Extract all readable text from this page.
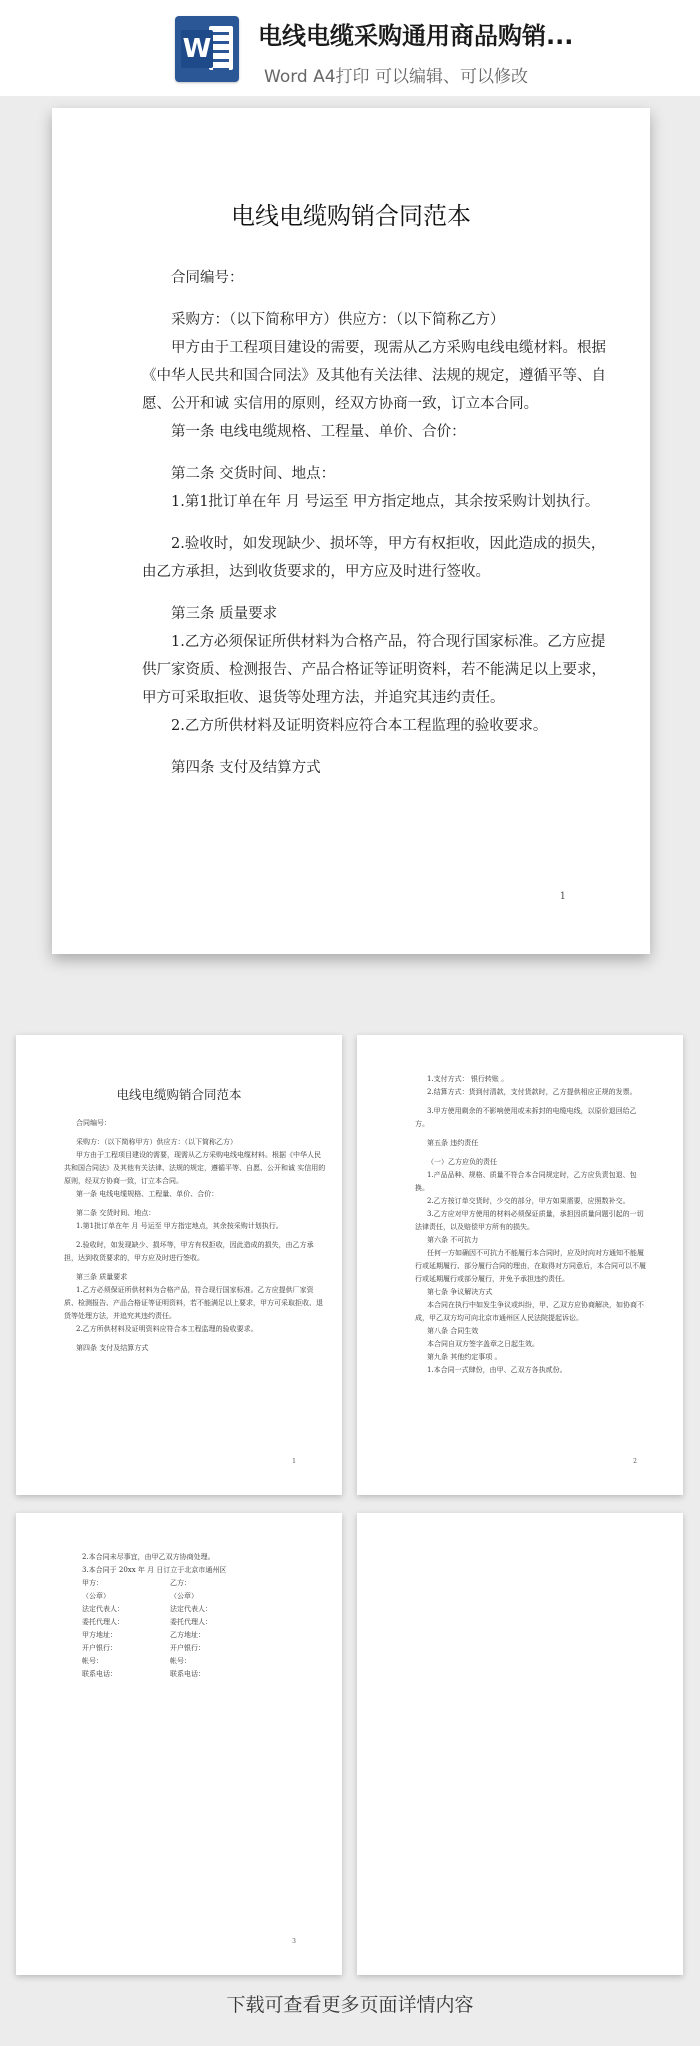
W 电线电缆采购通用商品购销...
Word A4打印 可以编辑、可以修改
电线电缆购销合同范本

合同编号：

采购方：（以下简称甲方）供应方：（以下简称乙方）

甲方由于工程项目建设的需要，现需从乙方采购电线电缆材料。根据《中华人民共和国合同法》及其他有关法律、法规的规定，遵循平等、自愿、公开和诚 实信用的原则，经双方协商一致，订立本合同。

第一条 电线电缆规格、工程量、单价、合价：

第二条 交货时间、地点：

1.第1批订单在年 月 号运至 甲方指定地点，其余按采购计划执行。

2.验收时，如发现缺少、损坏等，甲方有权拒收，因此造成的损失，由乙方承担，达到收货要求的，甲方应及时进行签收。

第三条 质量要求

1.乙方必须保证所供材料为合格产品，符合现行国家标准。乙方应提供厂家资质、检测报告、产品合格证等证明资料，若不能满足以上要求，甲方可采取拒收、退货等处理方法，并追究其违约责任。

2.乙方所供材料及证明资料应符合本工程监理的验收要求。

第四条 支付及结算方式

1
电线电缆购销合同范本

合同编号：

采购方：（以下简称甲方）供应方：（以下简称乙方）

甲方由于工程项目建设的需要，现需从乙方采购电线电缆材料。根据《中华人民共和国合同法》及其他有关法律、法规的规定，遵循平等、自愿、公开和诚 实信用的原则，经双方协商一致，订立本合同。

第一条 电线电缆规格、工程量、单价、合价：

第二条 交货时间、地点：

1.第1批订单在年 月 号运至 甲方指定地点，其余按采购计划执行。

2.验收时，如发现缺少、损坏等，甲方有权拒收，因此造成的损失，由乙方承担，达到收货要求的，甲方应及时进行签收。

第三条 质量要求

1.乙方必须保证所供材料为合格产品，符合现行国家标准。乙方应提供厂家资质、检测报告、产品合格证等证明资料，若不能满足以上要求，甲方可采取拒收、退货等处理方法，并追究其违约责任。

2.乙方所供材料及证明资料应符合本工程监理的验收要求。

第四条 支付及结算方式

1

1.支付方式： 银行转账 。

2.结算方式：货到付清款，支付货款时，乙方提供相应正规的发票。

3.甲方使用剩余的不影响使用或未拆封的电缆电线，以原价退回给乙方。

第五条 违约责任

（一）乙方应负的责任

1.产品品种、规格、质量不符合本合同规定时，乙方应负责包退、包换。

2.乙方按订单交货时，少交的部分，甲方如果需要，应照数补交。

3.乙方应对甲方使用的材料必须保证质量，承担因质量问题引起的一切法律责任，以及赔偿甲方所有的损失。

第六条 不可抗力

任何一方如确因不可抗力不能履行本合同时，应及时向对方通知不能履行或延期履行、部分履行合同的理由，在取得对方同意后，本合同可以不履行或延期履行或部分履行，并免予承担违约责任。

第七条 争议解决方式

本合同在执行中如发生争议或纠纷，甲、乙双方应协商解决，如协商不成，甲乙双方均可向北京市通州区人民法院提起诉讼。

第八条 合同生效

本合同自双方签字盖章之日起生效。

第九条 其他约定事项 。

1.本合同一式肆份，由甲、乙双方各执贰份。

2

2.本合同未尽事宜，由甲乙双方协商处理。

3.本合同于 20xx 年 月 日订立于北京市通州区

甲方：	乙方：
（公章）	（公章）
法定代表人：	法定代表人：
委托代理人：	委托代理人：
甲方地址：	乙方地址：
开户银行：	开户银行：
帐号：	帐号：
联系电话：	联系电话：
3
下载可查看更多页面详情内容
